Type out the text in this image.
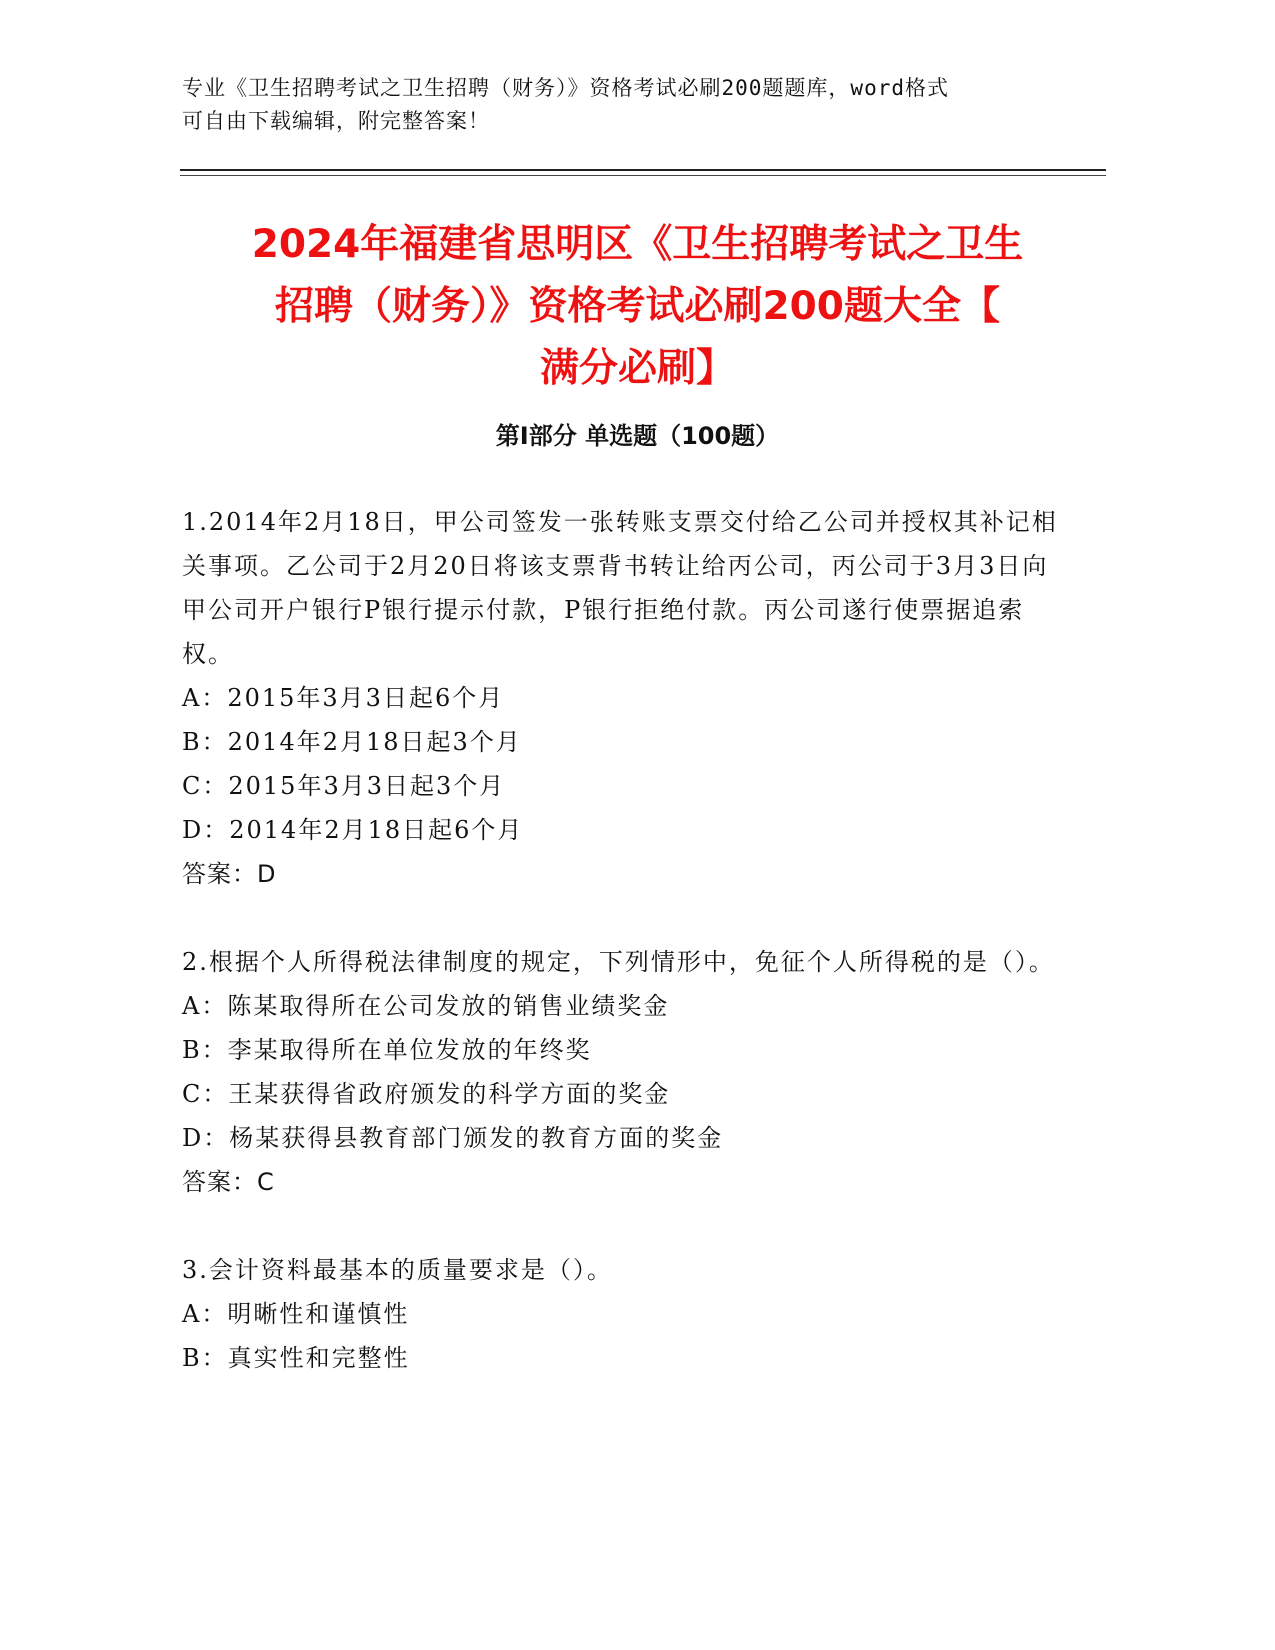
专业《卫生招聘考试之卫生招聘（财务）》资格考试必刷200题题库，word格式
可自由下载编辑，附完整答案！
2024年福建省思明区《卫生招聘考试之卫生
招聘（财务）》资格考试必刷200题大全【
满分必刷】
第I部分 单选题（100题）

1.2014年2月18日，甲公司签发一张转账支票交付给乙公司并授权其补记相关事项。乙公司于2月20日将该支票背书转让给丙公司，丙公司于3月3日向甲公司开户银行P银行提示付款，P银行拒绝付款。丙公司遂行使票据追索权。

A：2015年3月3日起6个月

B：2014年2月18日起3个月

C：2015年3月3日起3个月

D：2014年2月18日起6个月

答案：D

2.根据个人所得税法律制度的规定，下列情形中，免征个人所得税的是（）。

A：陈某取得所在公司发放的销售业绩奖金

B：李某取得所在单位发放的年终奖

C：王某获得省政府颁发的科学方面的奖金

D：杨某获得县教育部门颁发的教育方面的奖金

答案：C

3.会计资料最基本的质量要求是（）。

A：明晰性和谨慎性

B：真实性和完整性
